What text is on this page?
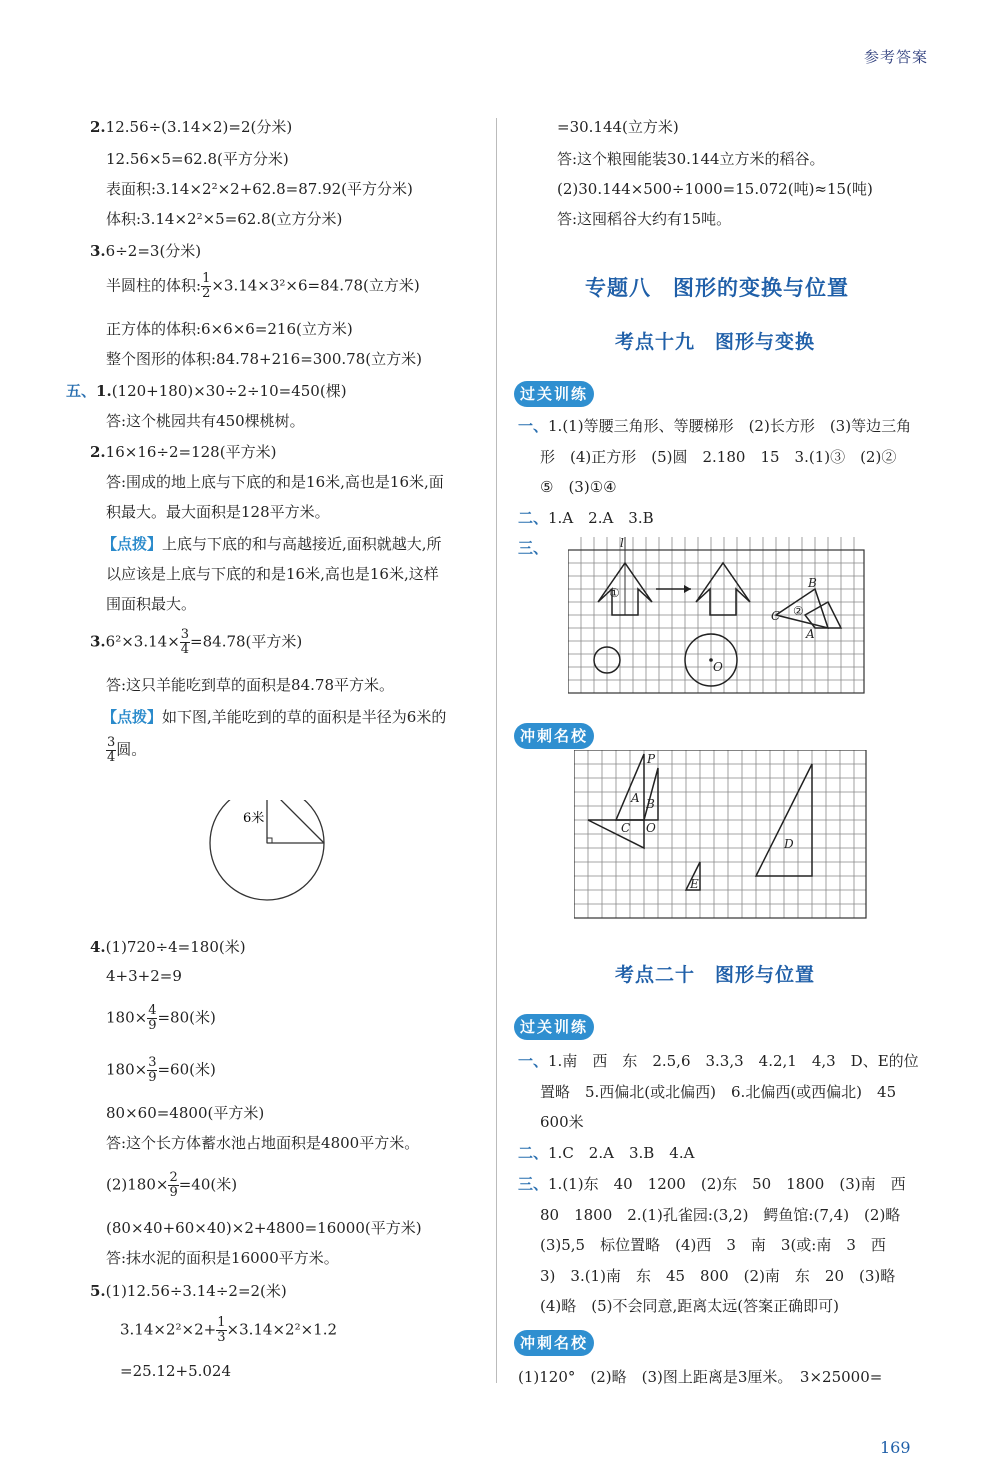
参考答案
2.12.56÷(3.14×2)=2(分米)
12.56×5=62.8(平方分米)
表面积:3.14×2²×2+62.8=87.92(平方分米)
体积:3.14×2²×5=62.8(立方分米)
3.6÷2=3(分米)
半圆柱的体积: $\frac{1}{2} \times 3.14\times 3^2\times 6=84.78$(立方米)
正方体的体积:6×6×6=216(立方米)
整个图形的体积:84.78+216=300.78(立方米)
五、1.(120+180)×30÷2÷10=450(棵)
答:这个桃园共有450棵桃树。
2.16×16÷2=128(平方米)
答:围成的地上底与下底的和是16米,高也是16米,面
积最大。最大面积是128平方米。
【点拨】上底与下底的和与高越接近,面积就越大,所
以应该是上底与下底的和是16米,高也是16米,这样
围面积最大。
$3.6^2\times 3.14\times \frac{3}{4} =84.78$(平方米)
答:这只羊能吃到草的面积是84.78平方米。
【点拨】如下图,羊能吃到的草的面积是半径为6米的
$\frac{3}{4}$ 圆。
6米
4.(1)720÷4=180(米)
4+3+2=9
$180\times \frac{4}{9} =80$(米)
$180\times \frac{3}{9} =60$(米)
80×60=4800(平方米)
答:这个长方体蓄水池占地面积是4800平方米。
$(2)180\times \frac{2}{9} =40$(米)
(80×40+60×40)×2+4800=16000(平方米)
答:抹水泥的面积是16000平方米。
5.(1)12.56÷3.14÷2=2(米)
$3.14\times 2^2\times 2+ \frac{1}{3} \times 3.14\times 2^2\times 1.2$
=25.12+5.024
=30.144(立方米)
答:这个粮囤能装30.144立方米的稻谷。
(2)30.144×500÷1000=15.072(吨)≈15(吨)
答:这囤稻谷大约有15吨。
专题八　图形的变换与位置
考点十九　图形与变换
过关训练
一、1.(1)等腰三角形、等腰梯形　(2)长方形　(3)等边三角
形　(4)正方形　(5)圆　2.180　15　3.(1)③　(2)②
⑤　(3)①④
二、1.A　2.A　3.B
三、	l
①
②
B
C
A
O
冲刺名校
P
A B
C O
D
E
考点二十　图形与位置
过关训练
一、1.南　西　东　2.5,6　3.3,3　4.2,1　4,3　D、E的位
置略　5.西偏北(或北偏西)　6.北偏西(或西偏北)　45
600米
二、1.C　2.A　3.B　4.A
三、1.(1)东　40　1200　(2)东　50　1800　(3)南　西
80　1800　2.(1)孔雀园:(3,2)　鳄鱼馆:(7,4)　(2)略
(3)5,5　标位置略　(4)西　3　南　3(或:南　3　西
3)　3.(1)南　东　45　800　(2)南　东　20　(3)略
(4)略　(5)不会同意,距离太远(答案正确即可)
冲刺名校
(1)120°　(2)略　(3)图上距离是3厘米。　3×25000=
169
